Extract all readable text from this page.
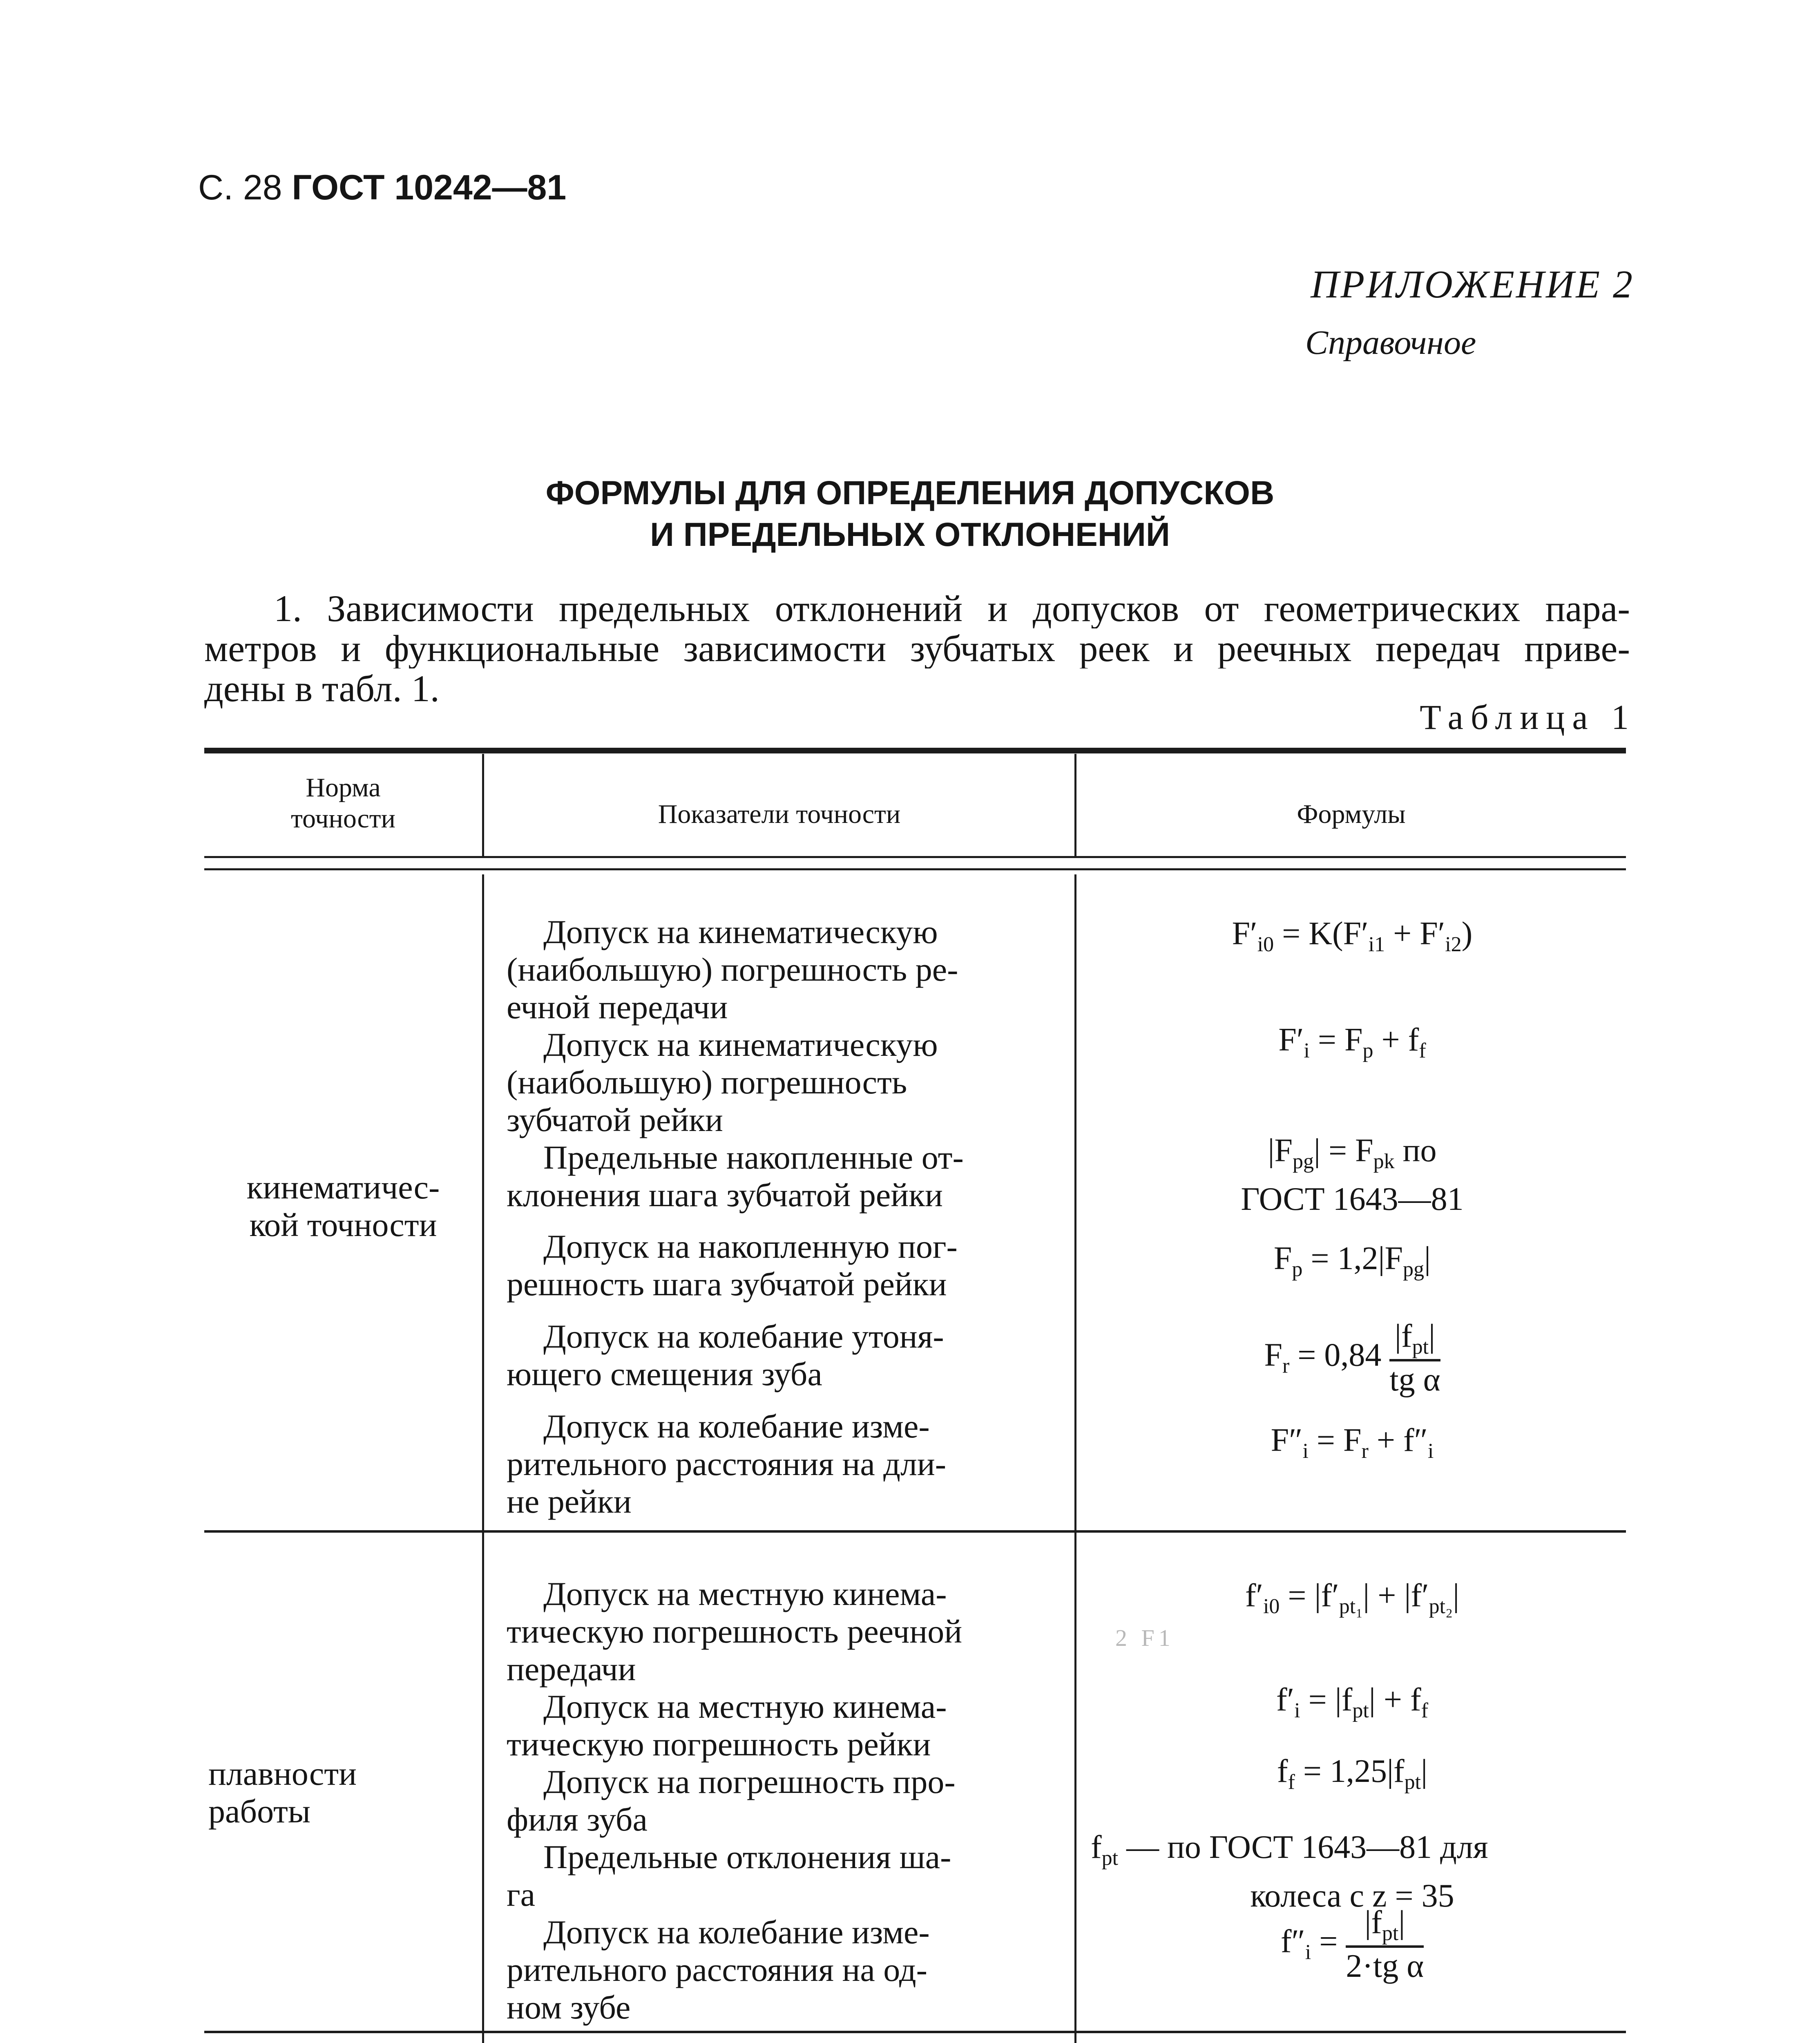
С. 28 ГОСТ 10242—81
ПРИЛОЖЕНИЕ 2
Справочное
ФОРМУЛЫ ДЛЯ ОПРЕДЕЛЕНИЯ ДОПУСКОВ
И ПРЕДЕЛЬНЫХ ОТКЛОНЕНИЙ
1. Зависимости предельных отклонений и допусков от геометрических пара-
метров и функциональные зависимости зубчатых реек и реечных передач приве-
дены в табл. 1.
Таблица 1
Норма
точности	Показатели точности	Формулы
кинематичес-
кой точности
Допуск на кинематическую
(наибольшую) погрешность ре-
ечной передачи
Допуск на кинематическую
(наибольшую) погрешность
зубчатой рейки
Предельные накопленные от-
клонения шага зубчатой рейки
Допуск на накопленную пог-
решность шага зубчатой рейки
Допуск на колебание утоня-
ющего смещения зуба
Допуск на колебание изме-
рительного расстояния на дли-
не рейки
$F'_{i0} = K(F'_{i1} + F'_{i2})$
$F'_i = F_p + f_f$
$|F_{pg}| = F_{pk}$ по
ГОСТ 1643—81
$F_p = 1,2|F_{pg}|$
$F_r = 0,84 \frac{|f_{pt}|}{\text{tg α}}$
$F''_i = F_r + f''_i$
плавности
работы
Допуск на местную кинема-
тическую погрешность реечной
передачи
Допуск на местную кинема-
тическую погрешность рейки
Допуск на погрешность про-
филя зуба
Предельные отклонения ша-
га
Допуск на колебание изме-
рительного расстояния на од-
ном зубе
$f'_{i0} = |f'_{pt_1}| + |f'_{pt_2}|$
2 F1
$f'_i = |f_{pt}| + f_f$
$f_f = 1,25|f_{pt}|$
$f_{pt}$ — по ГОСТ 1643—81 для
колеса с z = 35
$f''_i = \frac{|f_{pt}|}{\text{2·tg α}}$
